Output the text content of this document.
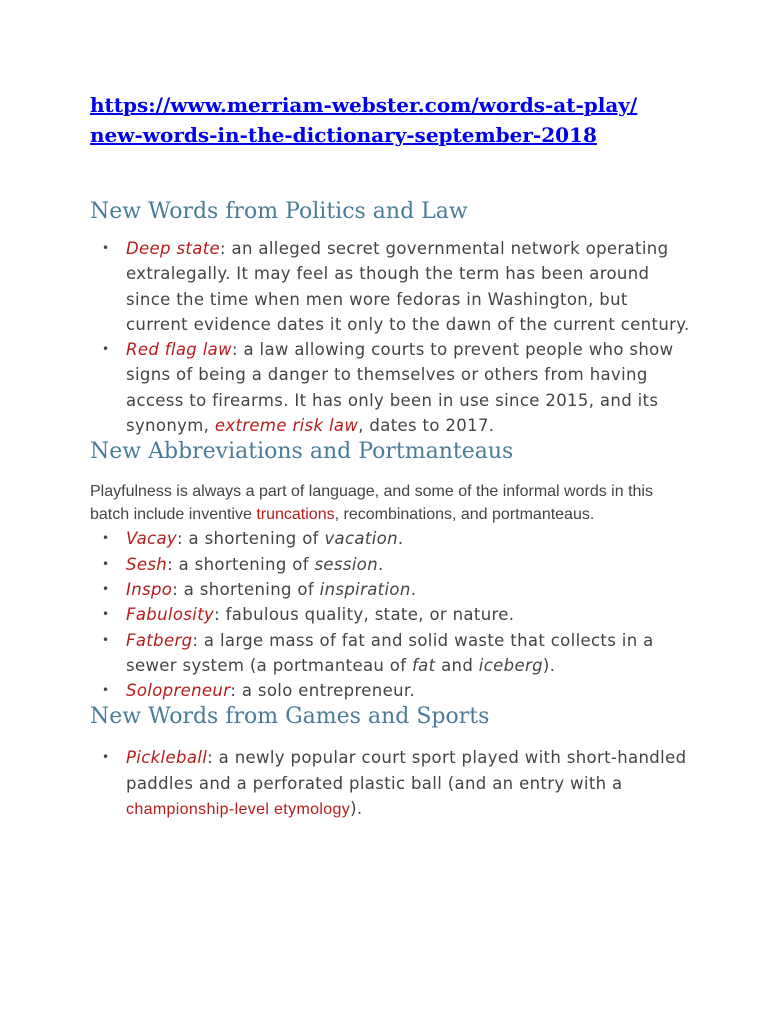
https://www.merriam-webster.com/words-at-play/
new-words-in-the-dictionary-september-2018
New Words from Politics and Law
• Deep state: an alleged secret governmental network operating extralegally. It may feel as though the term has been around since the time when men wore fedoras in Washington, but current evidence dates it only to the dawn of the current century.
• Red flag law: a law allowing courts to prevent people who show signs of being a danger to themselves or others from having access to firearms. It has only been in use since 2015, and its synonym, extreme risk law, dates to 2017.
New Abbreviations and Portmanteaus

Playfulness is always a part of language, and some of the informal words in this batch include inventive truncations, recombinations, and portmanteaus.

• Vacay: a shortening of vacation.
• Sesh: a shortening of session.
• Inspo: a shortening of inspiration.
• Fabulosity: fabulous quality, state, or nature.
• Fatberg: a large mass of fat and solid waste that collects in a sewer system (a portmanteau of fat and iceberg).
• Solopreneur: a solo entrepreneur.
New Words from Games and Sports
• Pickleball: a newly popular court sport played with short-handled paddles and a perforated plastic ball (and an entry with a championship-level etymology).
